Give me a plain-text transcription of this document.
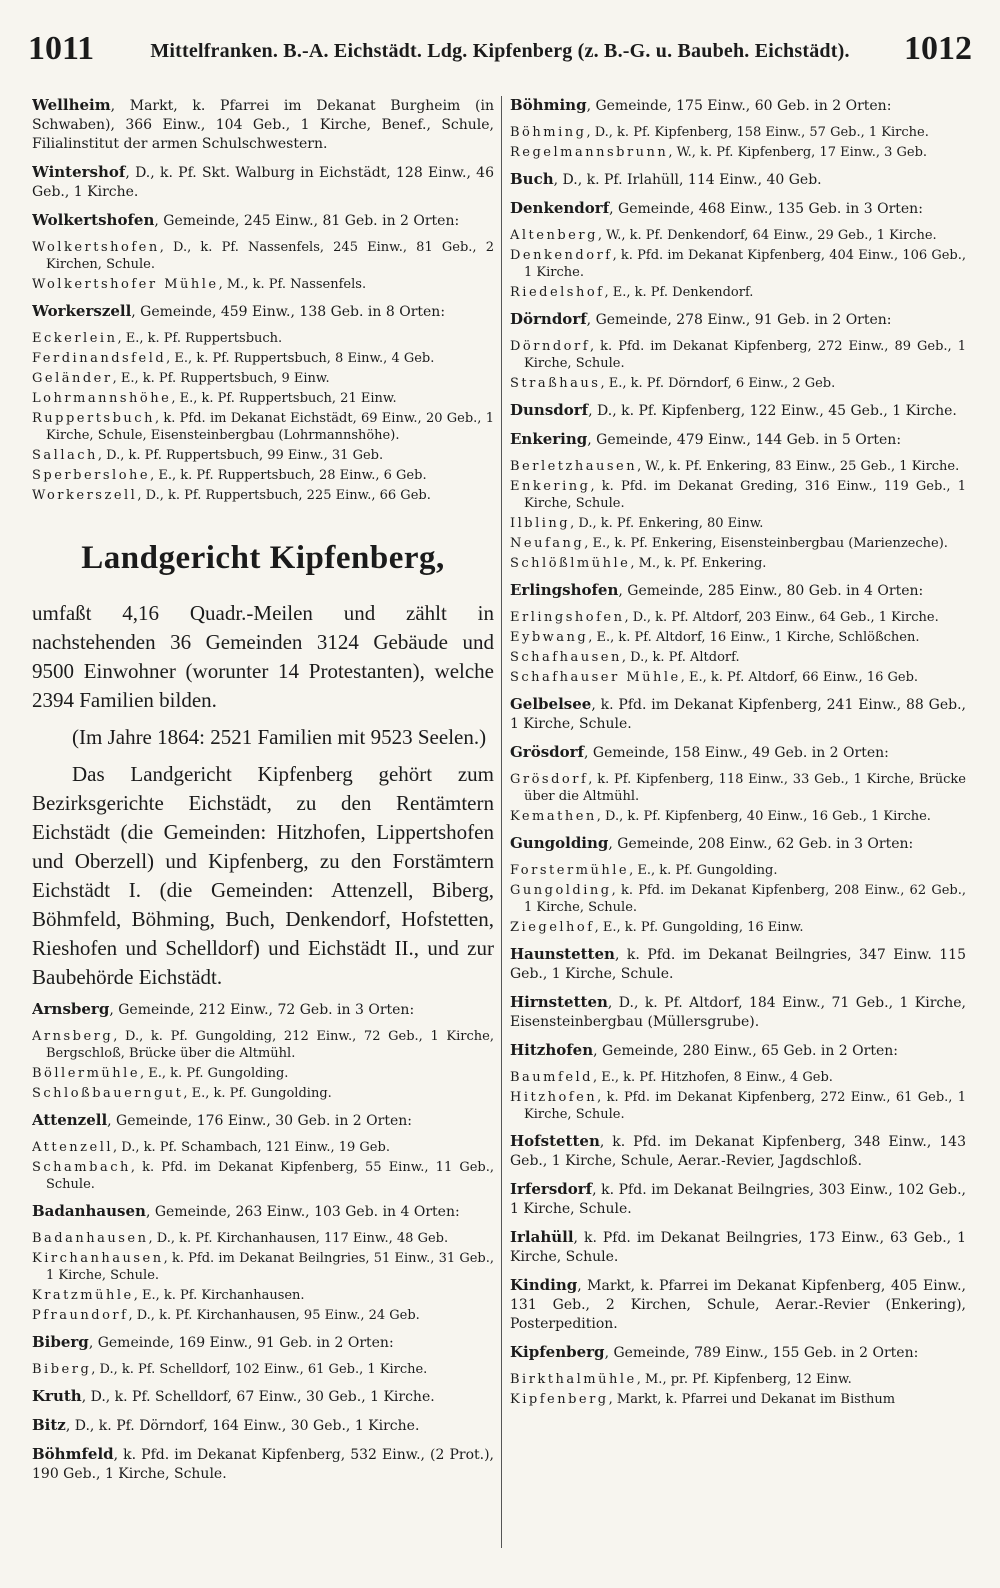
1011	Mittelfranken. B.-A. Eichstädt. Ldg. Kipfenberg (z. B.-G. u. Baubeh. Eichstädt).	1012

Wellheim, Markt, k. Pfarrei im Dekanat Burgheim (in Schwaben), 366 Einw., 104 Geb., 1 Kirche, Benef., Schule, Filialinstitut der armen Schulschwestern.

Wintershof, D., k. Pf. Skt. Walburg in Eichstädt, 128 Einw., 46 Geb., 1 Kirche.

Wolkertshofen, Gemeinde, 245 Einw., 81 Geb. in 2 Orten:

Wolkertshofen, D., k. Pf. Nassenfels, 245 Einw., 81 Geb., 2 Kirchen, Schule.

Wolkertshofer Mühle, M., k. Pf. Nassenfels.

Workerszell, Gemeinde, 459 Einw., 138 Geb. in 8 Orten:

Eckerlein, E., k. Pf. Ruppertsbuch.

Ferdinandsfeld, E., k. Pf. Ruppertsbuch, 8 Einw., 4 Geb.

Geländer, E., k. Pf. Ruppertsbuch, 9 Einw.

Lohrmannshöhe, E., k. Pf. Ruppertsbuch, 21 Einw.

Ruppertsbuch, k. Pfd. im Dekanat Eichstädt, 69 Einw., 20 Geb., 1 Kirche, Schule, Eisensteinbergbau (Lohrmannshöhe).

Sallach, D., k. Pf. Ruppertsbuch, 99 Einw., 31 Geb.

Sperberslohe, E., k. Pf. Ruppertsbuch, 28 Einw., 6 Geb.

Workerszell, D., k. Pf. Ruppertsbuch, 225 Einw., 66 Geb.

Landgericht Kipfenberg,

umfaßt 4,16 Quadr.-Meilen und zählt in nachstehenden 36 Gemeinden 3124 Gebäude und 9500 Einwohner (worunter 14 Protestanten), welche 2394 Familien bilden.

(Im Jahre 1864: 2521 Familien mit 9523 Seelen.)

Das Landgericht Kipfenberg gehört zum Bezirksgerichte Eichstädt, zu den Rentämtern Eichstädt (die Gemeinden: Hitzhofen, Lippertshofen und Oberzell) und Kipfenberg, zu den Forstämtern Eichstädt I. (die Gemeinden: Attenzell, Biberg, Böhmfeld, Böhming, Buch, Denkendorf, Hofstetten, Rieshofen und Schelldorf) und Eichstädt II., und zur Baubehörde Eichstädt.

Arnsberg, Gemeinde, 212 Einw., 72 Geb. in 3 Orten:

Arnsberg, D., k. Pf. Gungolding, 212 Einw., 72 Geb., 1 Kirche, Bergschloß, Brücke über die Altmühl.

Böllermühle, E., k. Pf. Gungolding.

Schloßbauerngut, E., k. Pf. Gungolding.

Attenzell, Gemeinde, 176 Einw., 30 Geb. in 2 Orten:

Attenzell, D., k. Pf. Schambach, 121 Einw., 19 Geb.

Schambach, k. Pfd. im Dekanat Kipfenberg, 55 Einw., 11 Geb., Schule.

Badanhausen, Gemeinde, 263 Einw., 103 Geb. in 4 Orten:

Badanhausen, D., k. Pf. Kirchanhausen, 117 Einw., 48 Geb.

Kirchanhausen, k. Pfd. im Dekanat Beilngries, 51 Einw., 31 Geb., 1 Kirche, Schule.

Kratzmühle, E., k. Pf. Kirchanhausen.

Pfraundorf, D., k. Pf. Kirchanhausen, 95 Einw., 24 Geb.

Biberg, Gemeinde, 169 Einw., 91 Geb. in 2 Orten:

Biberg, D., k. Pf. Schelldorf, 102 Einw., 61 Geb., 1 Kirche.

Kruth, D., k. Pf. Schelldorf, 67 Einw., 30 Geb., 1 Kirche.

Bitz, D., k. Pf. Dörndorf, 164 Einw., 30 Geb., 1 Kirche.

Böhmfeld, k. Pfd. im Dekanat Kipfenberg, 532 Einw., (2 Prot.), 190 Geb., 1 Kirche, Schule.

Böhming, Gemeinde, 175 Einw., 60 Geb. in 2 Orten:

Böhming, D., k. Pf. Kipfenberg, 158 Einw., 57 Geb., 1 Kirche.

Regelmannsbrunn, W., k. Pf. Kipfenberg, 17 Einw., 3 Geb.

Buch, D., k. Pf. Irlahüll, 114 Einw., 40 Geb.

Denkendorf, Gemeinde, 468 Einw., 135 Geb. in 3 Orten:

Altenberg, W., k. Pf. Denkendorf, 64 Einw., 29 Geb., 1 Kirche.

Denkendorf, k. Pfd. im Dekanat Kipfenberg, 404 Einw., 106 Geb., 1 Kirche.

Riedelshof, E., k. Pf. Denkendorf.

Dörndorf, Gemeinde, 278 Einw., 91 Geb. in 2 Orten:

Dörndorf, k. Pfd. im Dekanat Kipfenberg, 272 Einw., 89 Geb., 1 Kirche, Schule.

Straßhaus, E., k. Pf. Dörndorf, 6 Einw., 2 Geb.

Dunsdorf, D., k. Pf. Kipfenberg, 122 Einw., 45 Geb., 1 Kirche.

Enkering, Gemeinde, 479 Einw., 144 Geb. in 5 Orten:

Berletzhausen, W., k. Pf. Enkering, 83 Einw., 25 Geb., 1 Kirche.

Enkering, k. Pfd. im Dekanat Greding, 316 Einw., 119 Geb., 1 Kirche, Schule.

Ilbling, D., k. Pf. Enkering, 80 Einw.

Neufang, E., k. Pf. Enkering, Eisensteinbergbau (Marienzeche).

Schlößlmühle, M., k. Pf. Enkering.

Erlingshofen, Gemeinde, 285 Einw., 80 Geb. in 4 Orten:

Erlingshofen, D., k. Pf. Altdorf, 203 Einw., 64 Geb., 1 Kirche.

Eybwang, E., k. Pf. Altdorf, 16 Einw., 1 Kirche, Schlößchen.

Schafhausen, D., k. Pf. Altdorf.

Schafhauser Mühle, E., k. Pf. Altdorf, 66 Einw., 16 Geb.

Gelbelsee, k. Pfd. im Dekanat Kipfenberg, 241 Einw., 88 Geb., 1 Kirche, Schule.

Grösdorf, Gemeinde, 158 Einw., 49 Geb. in 2 Orten:

Grösdorf, k. Pf. Kipfenberg, 118 Einw., 33 Geb., 1 Kirche, Brücke über die Altmühl.

Kemathen, D., k. Pf. Kipfenberg, 40 Einw., 16 Geb., 1 Kirche.

Gungolding, Gemeinde, 208 Einw., 62 Geb. in 3 Orten:

Forstermühle, E., k. Pf. Gungolding.

Gungolding, k. Pfd. im Dekanat Kipfenberg, 208 Einw., 62 Geb., 1 Kirche, Schule.

Ziegelhof, E., k. Pf. Gungolding, 16 Einw.

Haunstetten, k. Pfd. im Dekanat Beilngries, 347 Einw. 115 Geb., 1 Kirche, Schule.

Hirnstetten, D., k. Pf. Altdorf, 184 Einw., 71 Geb., 1 Kirche, Eisensteinbergbau (Müllersgrube).

Hitzhofen, Gemeinde, 280 Einw., 65 Geb. in 2 Orten:

Baumfeld, E., k. Pf. Hitzhofen, 8 Einw., 4 Geb.

Hitzhofen, k. Pfd. im Dekanat Kipfenberg, 272 Einw., 61 Geb., 1 Kirche, Schule.

Hofstetten, k. Pfd. im Dekanat Kipfenberg, 348 Einw., 143 Geb., 1 Kirche, Schule, Aerar.-Revier, Jagdschloß.

Irfersdorf, k. Pfd. im Dekanat Beilngries, 303 Einw., 102 Geb., 1 Kirche, Schule.

Irlahüll, k. Pfd. im Dekanat Beilngries, 173 Einw., 63 Geb., 1 Kirche, Schule.

Kinding, Markt, k. Pfarrei im Dekanat Kipfenberg, 405 Einw., 131 Geb., 2 Kirchen, Schule, Aerar.-Revier (Enkering), Posterpedition.

Kipfenberg, Gemeinde, 789 Einw., 155 Geb. in 2 Orten:

Birkthalmühle, M., pr. Pf. Kipfenberg, 12 Einw.

Kipfenberg, Markt, k. Pfarrei und Dekanat im Bisthum
